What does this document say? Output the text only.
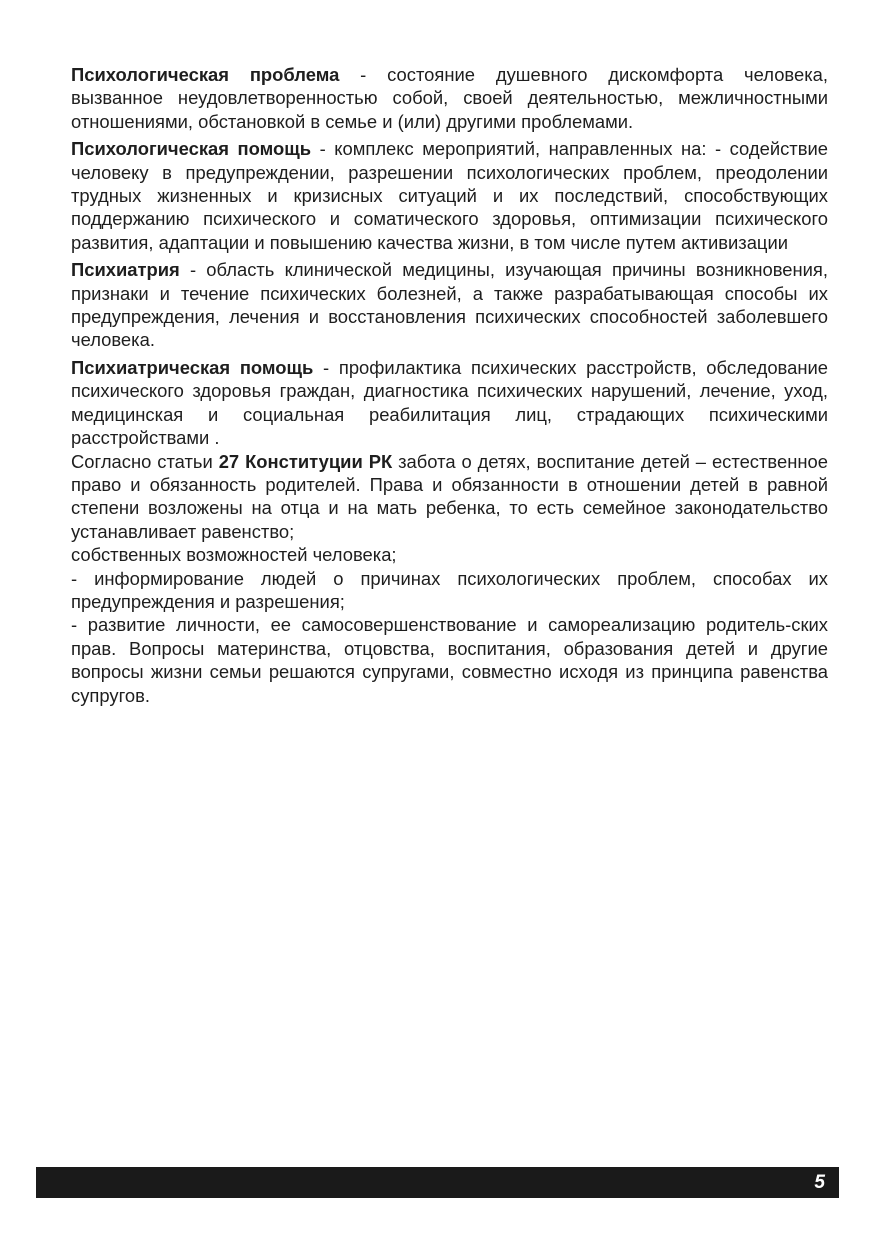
Психологическая проблема - состояние душевного дискомфорта человека, вызванное неудовлетворенностью собой, своей деятельностью, межличностными отношениями, обстановкой в семье и (или) другими проблемами.

Психологическая помощь - комплекс мероприятий, направленных на: - содействие человеку в предупреждении, разрешении психологических проблем, преодолении трудных жизненных и кризисных ситуаций и их последствий, способствующих поддержанию психического и соматического здоровья, оптимизации психического развития, адаптации и повышению качества жизни, в том числе путем активизации

Психиатрия - область клинической медицины, изучающая причины возникновения, признаки и течение психических болезней, а также разрабатывающая способы их предупреждения, лечения и восстановления психических способностей заболевшего человека.

Психиатрическая помощь - профилактика психических расстройств, обследование психического здоровья граждан, диагностика психических нарушений, лечение, уход, медицинская и социальная реабилитация лиц, страдающих психическими расстройствами .

Согласно статьи 27 Конституции РК забота о детях, воспитание детей – естественное право и обязанность родителей. Права и обязанности в отношении детей в равной степени возложены на отца и на мать ребенка, то есть семейное законодательство устанавливает равенство;

собственных возможностей человека;

- информирование людей о причинах психологических проблем, способах их предупреждения и разрешения;

- развитие личности, ее самосовершенствование и самореализацию родитель-ских прав. Вопросы материнства, отцовства, воспитания, образования детей и другие вопросы жизни семьи решаются супругами, совместно исходя из принципа равенства супругов.

5
